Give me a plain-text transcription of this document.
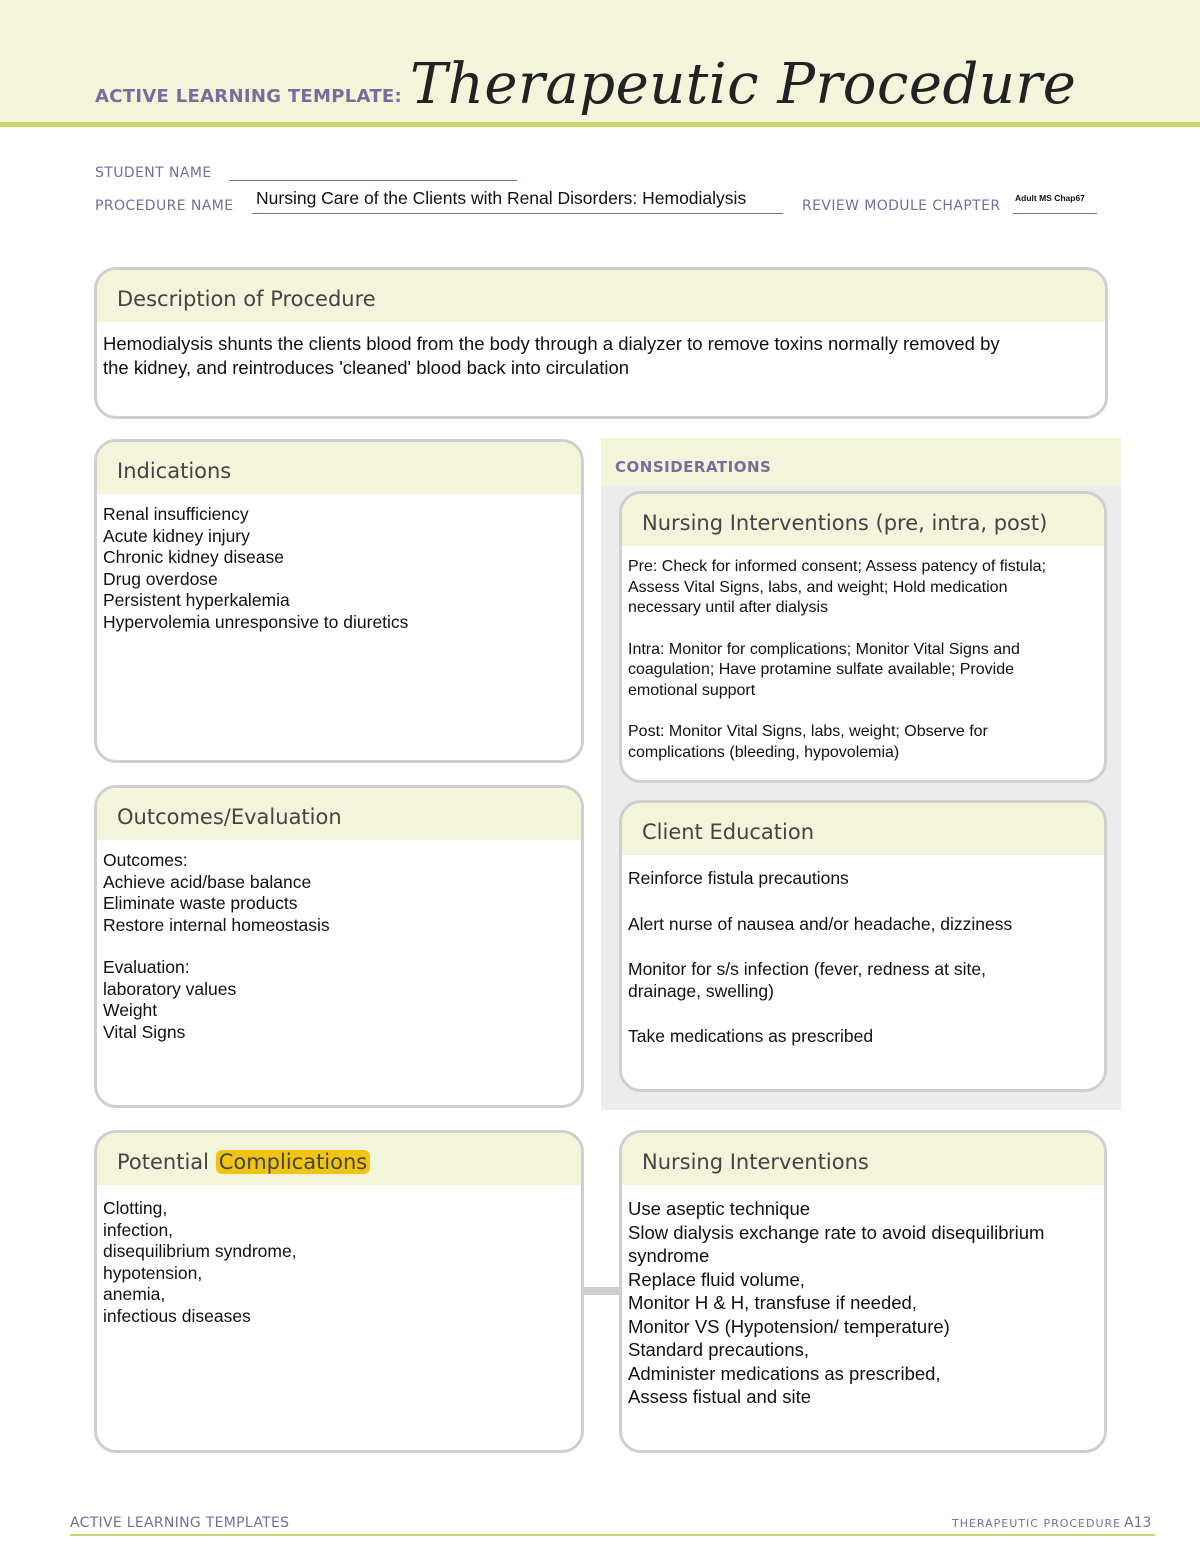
ACTIVE LEARNING TEMPLATE: Therapeutic Procedure
STUDENT NAME
PROCEDURE NAME Nursing Care of the Clients with Renal Disorders: Hemodialysis	REVIEW MODULE CHAPTER Adult MS Chap67
Description of Procedure
Hemodialysis shunts the clients blood from the body through a dialyzer to remove toxins normally removed by
the kidney, and reintroduces 'cleaned' blood back into circulation
Indications
Renal insufficiency
Acute kidney injury
Chronic kidney disease
Drug overdose
Persistent hyperkalemia
Hypervolemia unresponsive to diuretics
CONSIDERATIONS
Nursing Interventions (pre, intra, post)
Pre: Check for informed consent; Assess patency of fistula;
Assess Vital Signs, labs, and weight; Hold medication
necessary until after dialysis
Intra: Monitor for complications; Monitor Vital Signs and
coagulation; Have protamine sulfate available; Provide
emotional support
Post: Monitor Vital Signs, labs, weight; Observe for
complications (bleeding, hypovolemia)
Outcomes/Evaluation
Outcomes:
Achieve acid/base balance
Eliminate waste products
Restore internal homeostasis
Evaluation:
laboratory values
Weight
Vital Signs
Client Education
Reinforce fistula precautions
Alert nurse of nausea and/or headache, dizziness
Monitor for s/s infection (fever, redness at site,
drainage, swelling)
Take medications as prescribed
Potential Complications
Clotting,
infection,
disequilibrium syndrome,
hypotension,
anemia,
infectious diseases
Nursing Interventions
Use aseptic technique
Slow dialysis exchange rate to avoid disequilibrium
syndrome
Replace fluid volume,
Monitor H & H, transfuse if needed,
Monitor VS (Hypotension/ temperature)
Standard precautions,
Administer medications as prescribed,
Assess fistual and site
ACTIVE LEARNING TEMPLATES	THERAPEUTIC PROCEDURE A13
